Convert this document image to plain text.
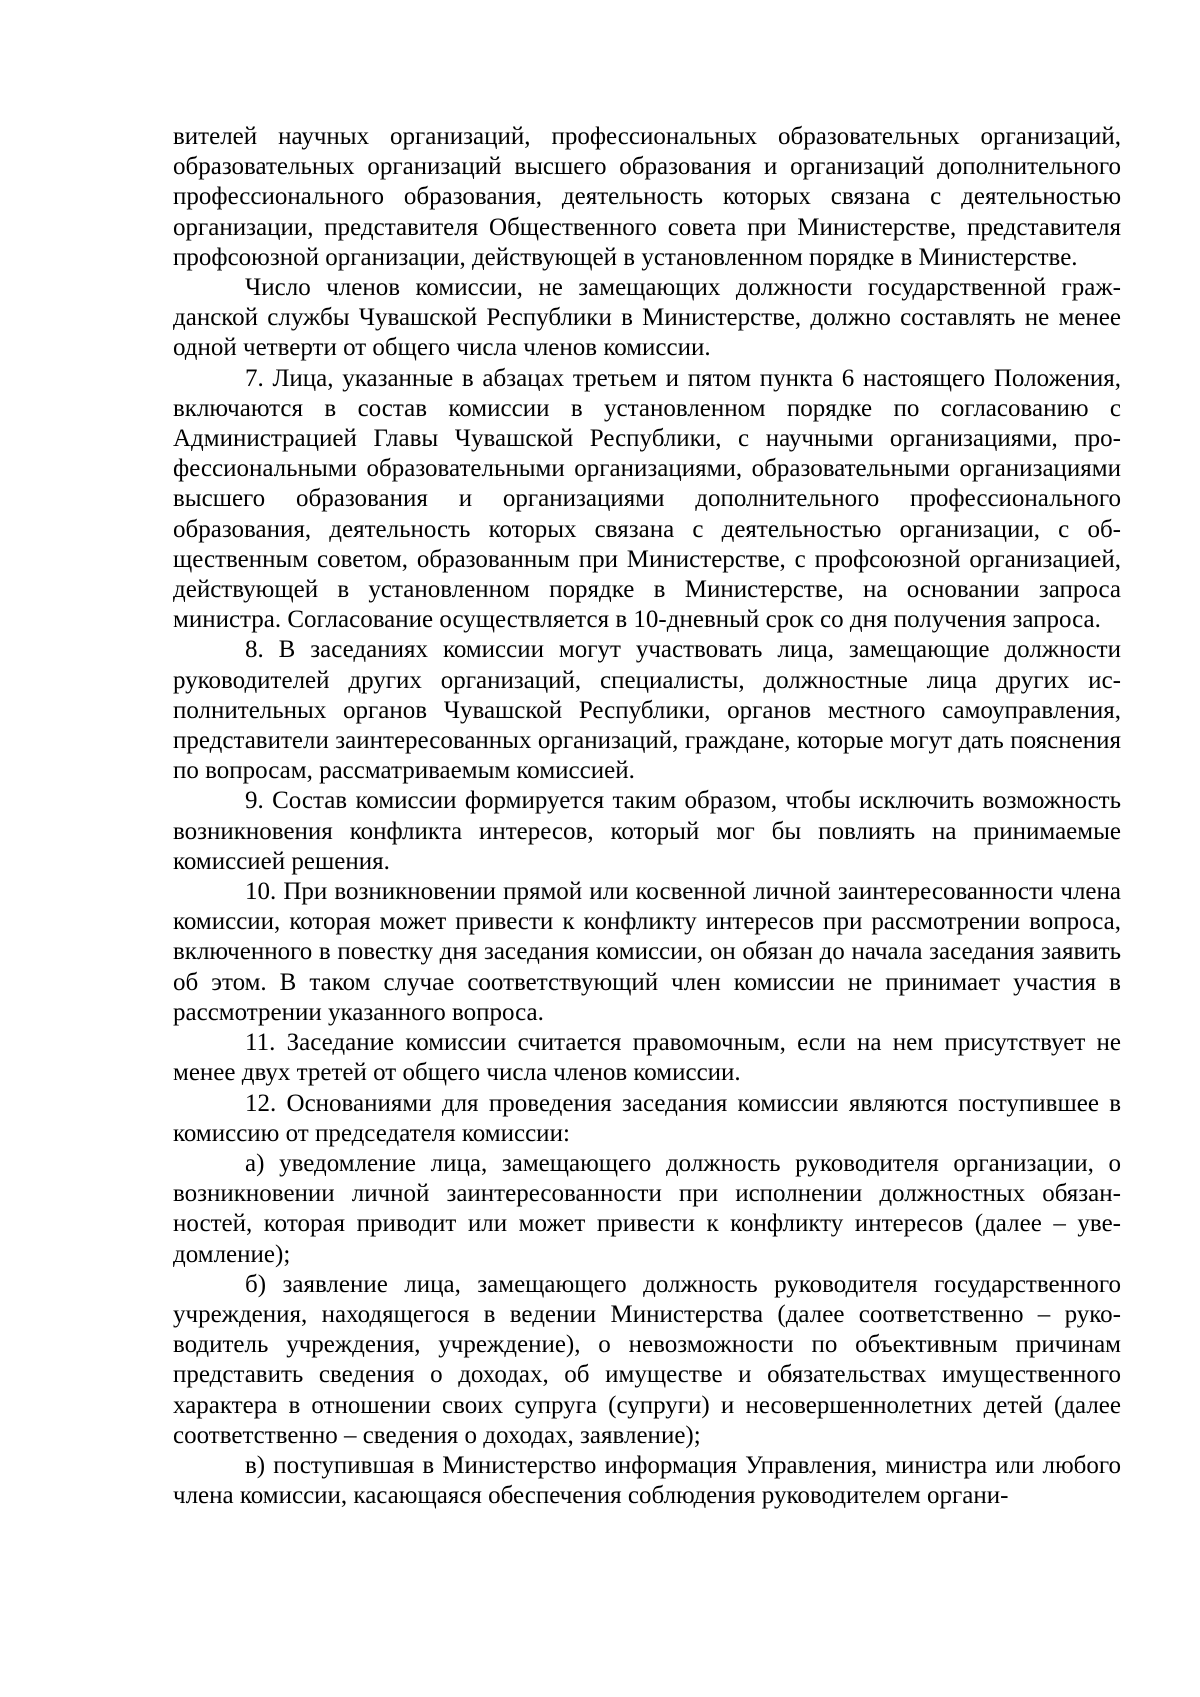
вителей научных организаций, профессиональных образовательных организаций, образовательных организаций высшего образования и организаций дополнительного профессионального образования, деятельность которых связана с деятельностью организации, представителя Общественного совета при Министерстве, представителя профсоюзной организации, действующей в установленном порядке в Министерстве.

Число членов комиссии, не замещающих должности государственной гражданской службы Чувашской Республики в Министерстве, должно составлять не менее одной четверти от общего числа членов комиссии.

7. Лица, указанные в абзацах третьем и пятом пункта 6 настоящего Положения, включаются в состав комиссии в установленном порядке по согласованию с Администрацией Главы Чувашской Республики, с научными организациями, профессиональными образовательными организациями, образовательными организациями высшего образования и организациями дополнительного профессионального образования, деятельность которых связана с деятельностью организации, с общественным советом, образованным при Министерстве, с профсоюзной организацией, действующей в установленном порядке в Министерстве, на основании запроса министра. Согласование осуществляется в 10-дневный срок со дня получения запроса.

8. В заседаниях комиссии могут участвовать лица, замещающие должности руководителей других организаций, специалисты, должностные лица других исполнительных органов Чувашской Республики, органов местного самоуправления, представители заинтересованных организаций, граждане, которые могут дать пояснения по вопросам, рассматриваемым комиссией.

9. Состав комиссии формируется таким образом, чтобы исключить возможность возникновения конфликта интересов, который мог бы повлиять на принимаемые комиссией решения.

10. При возникновении прямой или косвенной личной заинтересованности члена комиссии, которая может привести к конфликту интересов при рассмотрении вопроса, включенного в повестку дня заседания комиссии, он обязан до начала заседания заявить об этом. В таком случае соответствующий член комиссии не принимает участия в рассмотрении указанного вопроса.

11. Заседание комиссии считается правомочным, если на нем присутствует не менее двух третей от общего числа членов комиссии.

12. Основаниями для проведения заседания комиссии являются поступившее в комиссию от председателя комиссии:

а) уведомление лица, замещающего должность руководителя организации, о возникновении личной заинтересованности при исполнении должностных обязанностей, которая приводит или может привести к конфликту интересов (далее – уведомление);

б) заявление лица, замещающего должность руководителя государственного учреждения, находящегося в ведении Министерства (далее соответственно – руководитель учреждения, учреждение), о невозможности по объективным причинам представить сведения о доходах, об имуществе и обязательствах имущественного характера в отношении своих супруга (супруги) и несовершеннолетних детей (далее соответственно – сведения о доходах, заявление);

в) поступившая в Министерство информация Управления, министра или любого члена комиссии, касающаяся обеспечения соблюдения руководителем органи-
